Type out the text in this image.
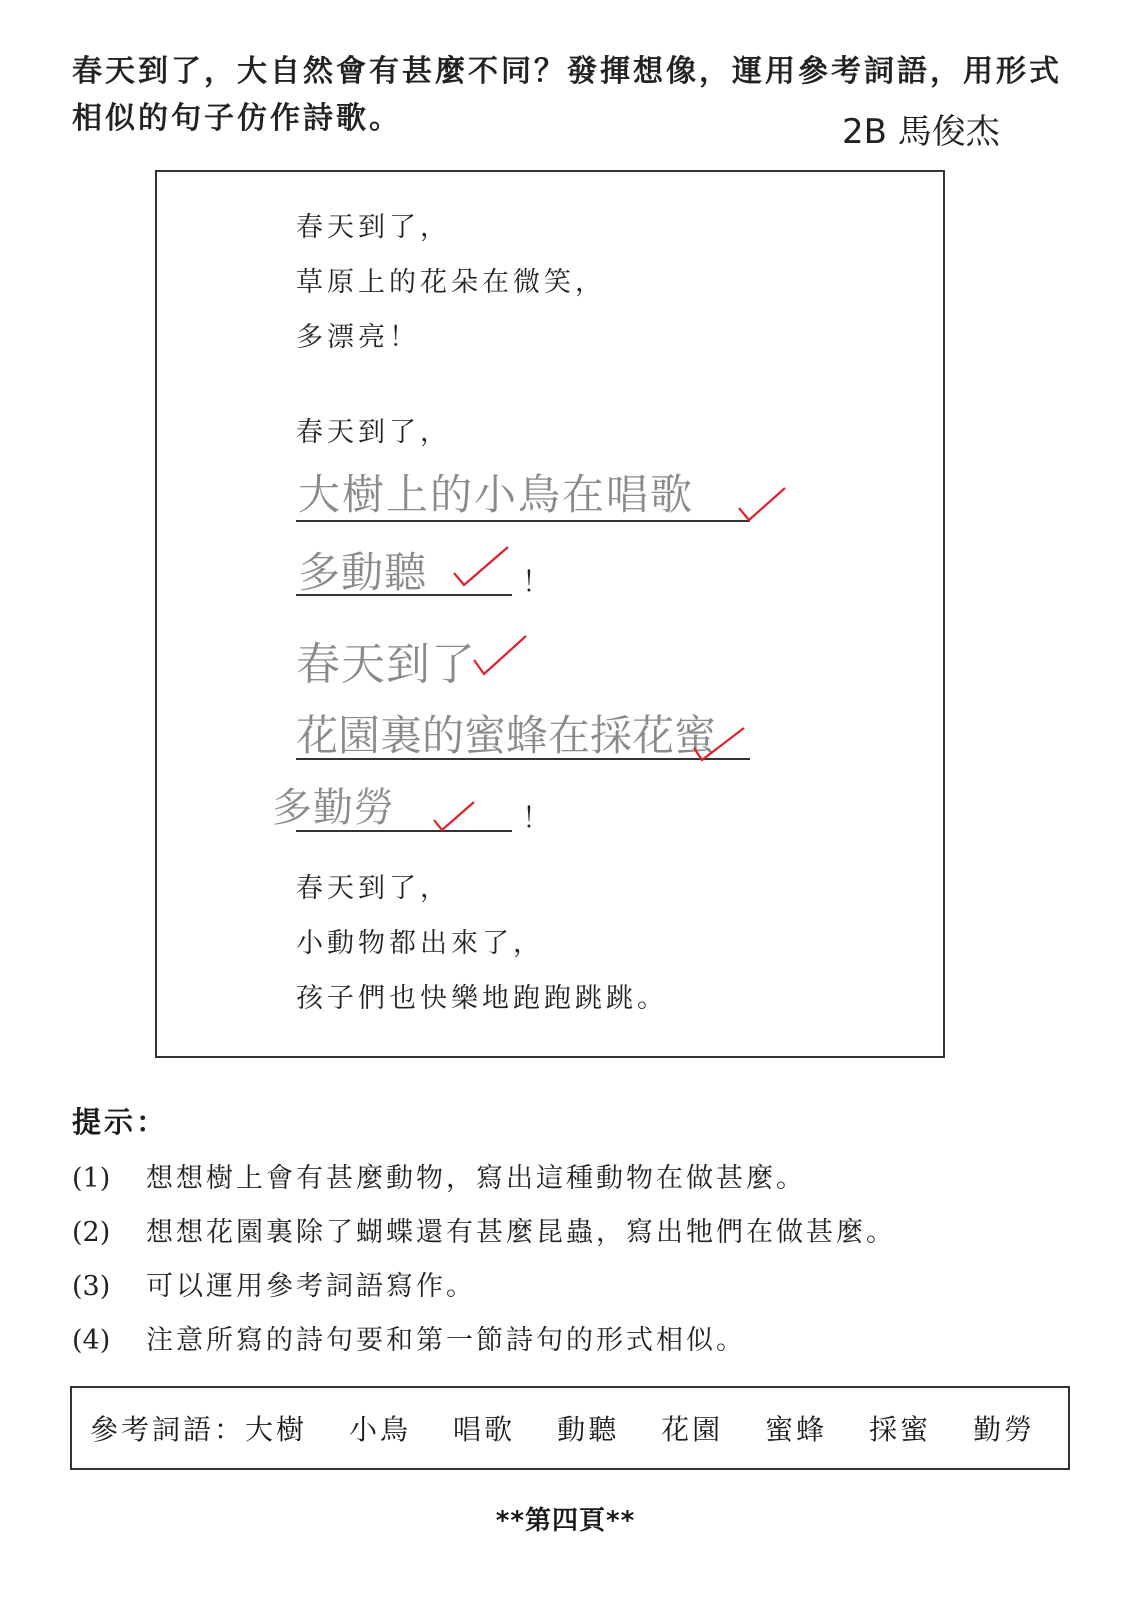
春天到了，大自然會有甚麼不同？發揮想像，運用參考詞語，用形式相似的句子仿作詩歌。	2B 馬俊杰
春天到了，
草原上的花朵在微笑，
多漂亮！
春天到了，
大樹上的小鳥在唱歌
多動聽	！
春天到了
花園裏的蜜蜂在採花蜜
多勤勞	！
春天到了，
小動物都出來了，
孩子們也快樂地跑跑跳跳。
提示：
(1) 想想樹上會有甚麼動物，寫出這種動物在做甚麼。
(2) 想想花園裏除了蝴蝶還有甚麼昆蟲，寫出牠們在做甚麼。
(3) 可以運用參考詞語寫作。
(4) 注意所寫的詩句要和第一節詩句的形式相似。
參考詞語： 大樹 小鳥 唱歌 動聽 花園 蜜蜂 採蜜 勤勞
**第四頁**
